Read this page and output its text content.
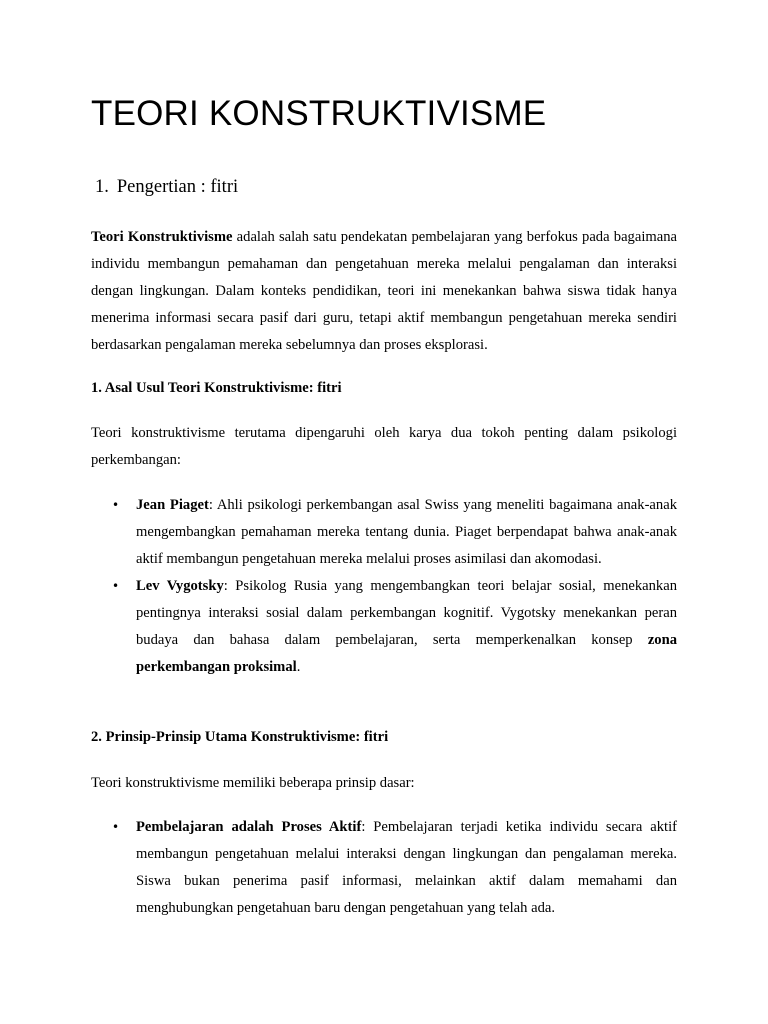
TEORI KONSTRUKTIVISME
1. Pengertian : fitri

Teori Konstruktivisme adalah salah satu pendekatan pembelajaran yang berfokus pada bagaimana individu membangun pemahaman dan pengetahuan mereka melalui pengalaman dan interaksi dengan lingkungan. Dalam konteks pendidikan, teori ini menekankan bahwa siswa tidak hanya menerima informasi secara pasif dari guru, tetapi aktif membangun pengetahuan mereka sendiri berdasarkan pengalaman mereka sebelumnya dan proses eksplorasi.

1. Asal Usul Teori Konstruktivisme: fitri

Teori konstruktivisme terutama dipengaruhi oleh karya dua tokoh penting dalam psikologi perkembangan:

• Jean Piaget: Ahli psikologi perkembangan asal Swiss yang meneliti bagaimana anak-anak mengembangkan pemahaman mereka tentang dunia. Piaget berpendapat bahwa anak-anak aktif membangun pengetahuan mereka melalui proses asimilasi dan akomodasi.
• Lev Vygotsky: Psikolog Rusia yang mengembangkan teori belajar sosial, menekankan pentingnya interaksi sosial dalam perkembangan kognitif. Vygotsky menekankan peran budaya dan bahasa dalam pembelajaran, serta memperkenalkan konsep zona perkembangan proksimal.
2. Prinsip-Prinsip Utama Konstruktivisme: fitri

Teori konstruktivisme memiliki beberapa prinsip dasar:

• Pembelajaran adalah Proses Aktif: Pembelajaran terjadi ketika individu secara aktif membangun pengetahuan melalui interaksi dengan lingkungan dan pengalaman mereka. Siswa bukan penerima pasif informasi, melainkan aktif dalam memahami dan menghubungkan pengetahuan baru dengan pengetahuan yang telah ada.
